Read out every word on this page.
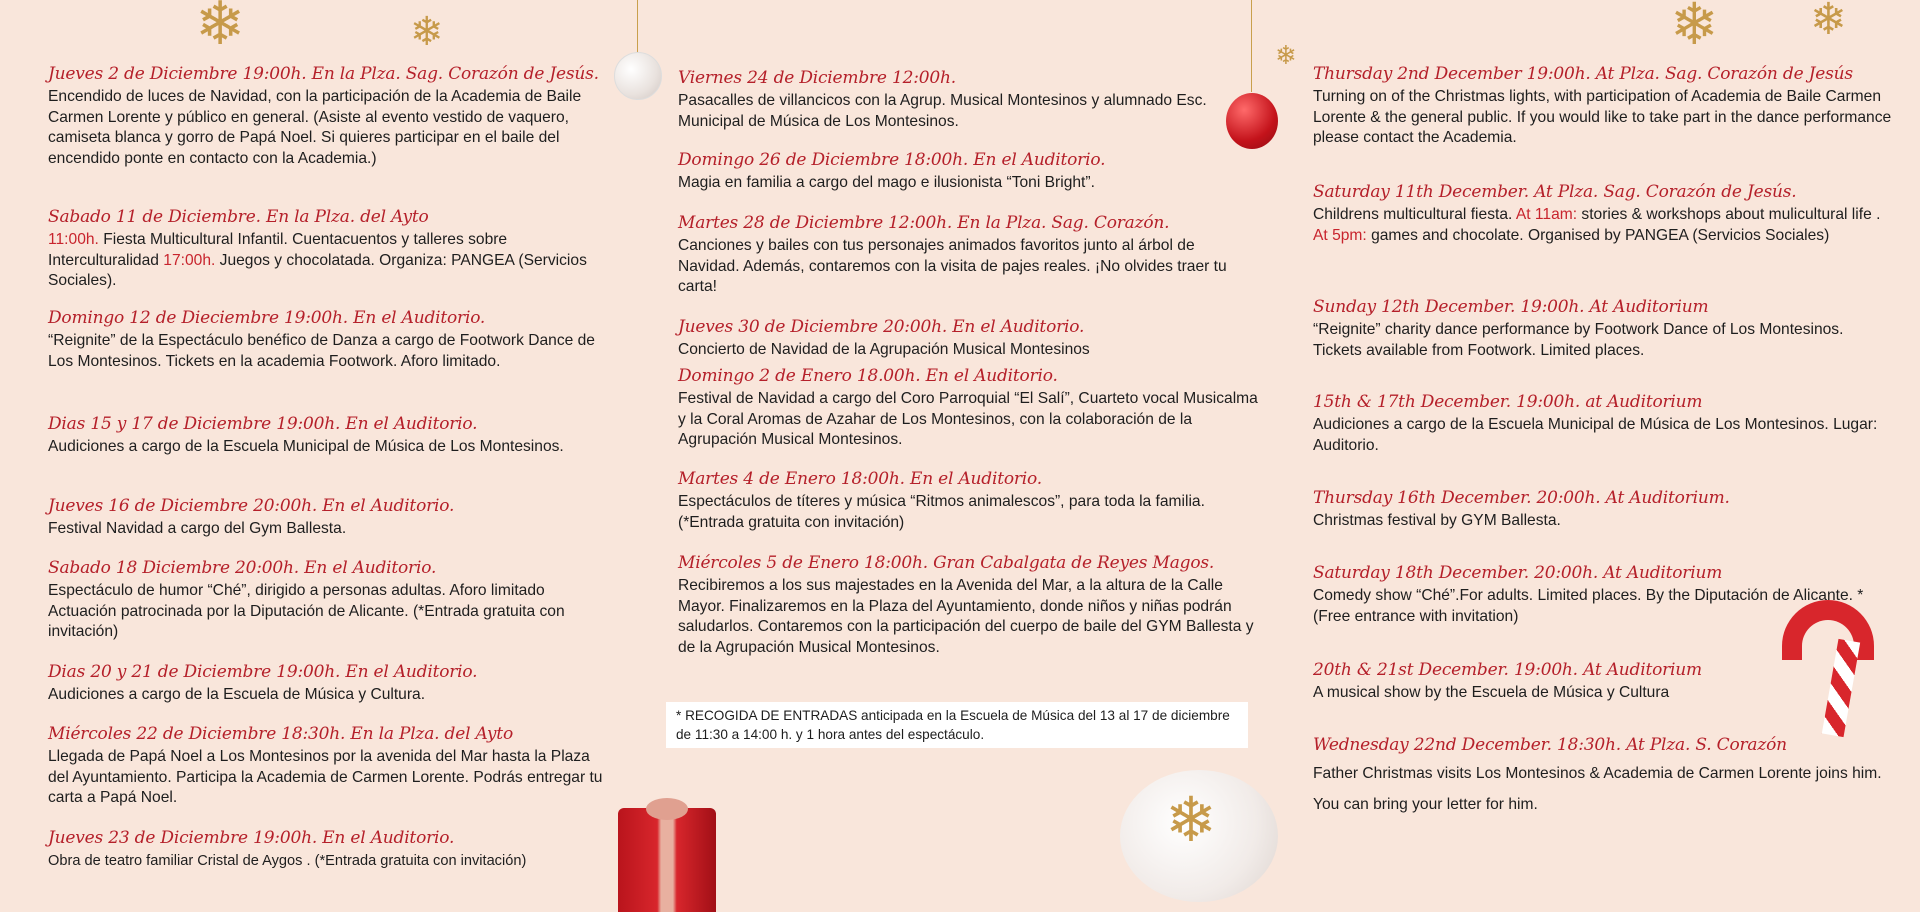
❄	❄
❄	❄ ❄
❄
Jueves 2 de Diciembre 19:00h. En la Plza. Sag. Corazón de Jesús.

Encendido de luces de Navidad, con la participación de la Academia de Baile Carmen Lorente y público en general. (Asiste al evento vestido de vaquero, camiseta blanca y gorro de Papá Noel. Si quieres participar en el baile del encendido ponte en contacto con la Academia.)

Sabado 11 de Diciembre. En la Plza. del Ayto

11:00h. Fiesta Multicultural Infantil. Cuentacuentos y talleres sobre Interculturalidad 17:00h. Juegos y chocolatada. Organiza: PANGEA (Servicios Sociales).

Domingo 12 de Dieciembre 19:00h. En el Auditorio.

“Reignite” de la Espectáculo benéfico de Danza a cargo de Footwork Dance de Los Montesinos. Tickets en la academia Footwork. Aforo limitado.

Dias 15 y 17 de Diciembre 19:00h. En el Auditorio.

Audiciones a cargo de la Escuela Municipal de Música de Los Montesinos.

Jueves 16 de Diciembre 20:00h. En el Auditorio.

Festival Navidad a cargo del Gym Ballesta.

Sabado 18 Diciembre 20:00h. En el Auditorio.

Espectáculo de humor “Ché”, dirigido a personas adultas. Aforo limitado Actuación patrocinada por la Diputación de Alicante. (*Entrada gratuita con invitación)

Dias 20 y 21 de Diciembre 19:00h. En el Auditorio.

Audiciones a cargo de la Escuela de Música y Cultura.

Miércoles 22 de Diciembre 18:30h. En la Plza. del Ayto

Llegada de Papá Noel a Los Montesinos por la avenida del Mar hasta la Plaza del Ayuntamiento. Participa la Academia de Carmen Lorente. Podrás entregar tu carta a Papá Noel.

Jueves 23 de Diciembre 19:00h. En el Auditorio.

Obra de teatro familiar Cristal de Aygos . (*Entrada gratuita con invitación)

Viernes 24 de Diciembre 12:00h.

Pasacalles de villancicos con la Agrup. Musical Montesinos y alumnado Esc. Municipal de Música de Los Montesinos.

Domingo 26 de Diciembre 18:00h. En el Auditorio.

Magia en familia a cargo del mago e ilusionista “Toni Bright”.

Martes 28 de Diciembre 12:00h. En la Plza. Sag. Corazón.

Canciones y bailes con tus personajes animados favoritos junto al árbol de Navidad. Además, contaremos con la visita de pajes reales. ¡No olvides traer tu carta!

Jueves 30 de Diciembre 20:00h. En el Auditorio.

Concierto de Navidad de la Agrupación Musical Montesinos

Domingo 2 de Enero 18.00h. En el Auditorio.

Festival de Navidad a cargo del Coro Parroquial “El Salí”, Cuarteto vocal Musicalma y la Coral Aromas de Azahar de Los Montesinos, con la colaboración de la Agrupación Musical Montesinos.

Martes 4 de Enero 18:00h. En el Auditorio.

Espectáculos de títeres y música “Ritmos animalescos”, para toda la familia. (*Entrada gratuita con invitación)

Miércoles 5 de Enero 18:00h. Gran Cabalgata de Reyes Magos.

Recibiremos a los sus majestades en la Avenida del Mar, a la altura de la Calle Mayor. Finalizaremos en la Plaza del Ayuntamiento, donde niños y niñas podrán saludarlos. Contaremos con la participación del cuerpo de baile del GYM Ballesta y de la Agrupación Musical Montesinos.

* RECOGIDA DE ENTRADAS anticipada en la Escuela de Música del 13 al 17 de diciembre de 11:30 a 14:00 h. y 1 hora antes del espectáculo.
Thursday 2nd December 19:00h. At Plza. Sag. Corazón de Jesús

Turning on of the Christmas lights, with participation of Academia de Baile Carmen Lorente & the general public. If you would like to take part in the dance performance please contact the Academia.

Saturday 11th December. At Plza. Sag. Corazón de Jesús.

Childrens multicultural fiesta. At 11am: stories & workshops about mulicultural life . At 5pm: games and chocolate. Organised by PANGEA (Servicios Sociales)

Sunday 12th December. 19:00h. At Auditorium

“Reignite” charity dance performance by Footwork Dance of Los Montesinos. Tickets available from Footwork. Limited places.

15th & 17th December. 19:00h. at Auditorium

Audiciones a cargo de la Escuela Municipal de Música de Los Montesinos. Lugar: Auditorio.

Thursday 16th December. 20:00h. At Auditorium.

Christmas festival by GYM Ballesta.

Saturday 18th December. 20:00h. At Auditorium

Comedy show “Ché”.For adults. Limited places. By the Diputación de Alicante. *(Free entrance with invitation)

20th & 21st December. 19:00h. At Auditorium

A musical show by the Escuela de Música y Cultura

Wednesday 22nd December. 18:30h. At Plza. S. Corazón

Father Christmas visits Los Montesinos & Academia de Carmen Lorente joins him. You can bring your letter for him.
